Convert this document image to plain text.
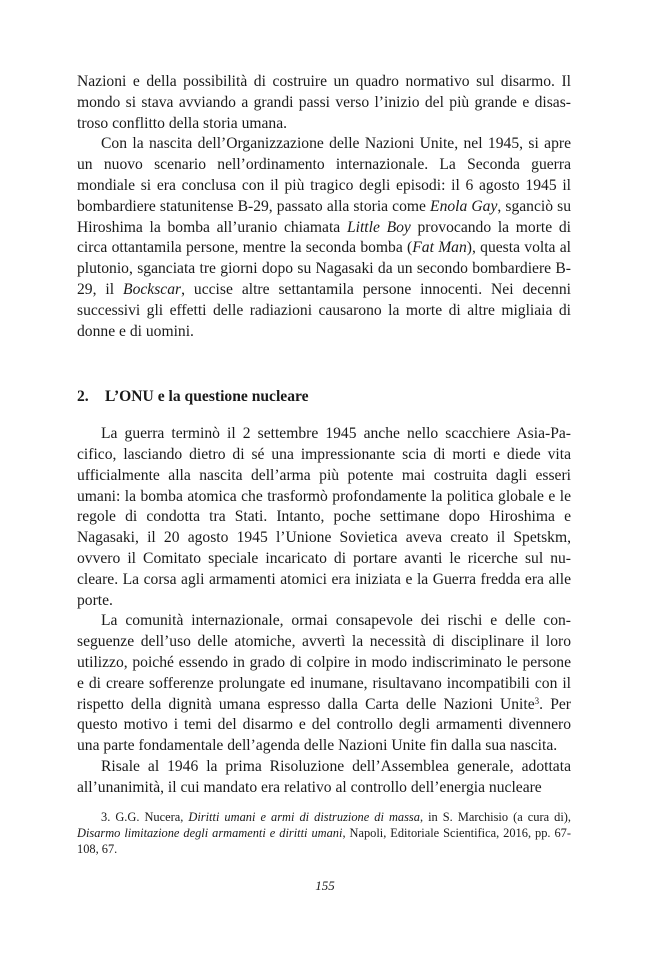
Nazioni e della possibilità di costruire un quadro normativo sul disarmo. Il mondo si stava avviando a grandi passi verso l’inizio del più grande e disastroso conflitto della storia umana.

Con la nascita dell’Organizzazione delle Nazioni Unite, nel 1945, si apre un nuovo scenario nell’ordinamento internazionale. La Seconda guerra mondiale si era conclusa con il più tragico degli episodi: il 6 agosto 1945 il bombardiere statunitense B-29, passato alla storia come Enola Gay, sganciò su Hiroshima la bomba all’uranio chiamata Little Boy provocando la morte di circa ottantamila persone, mentre la seconda bomba (Fat Man), questa volta al plutonio, sganciata tre giorni dopo su Nagasaki da un secondo bombardiere B-29, il Bockscar, uccise altre settantamila persone innocenti. Nei decenni successivi gli effetti delle radiazioni causarono la morte di altre migliaia di donne e di uomini.

2. L’ONU e la questione nucleare

La guerra terminò il 2 settembre 1945 anche nello scacchiere Asia-Pacifico, lasciando dietro di sé una impressionante scia di morti e diede vita ufficialmente alla nascita dell’arma più potente mai costruita dagli esseri umani: la bomba atomica che trasformò profondamente la politica globale e le regole di condotta tra Stati. Intanto, poche settimane dopo Hiroshima e Nagasaki, il 20 agosto 1945 l’Unione Sovietica aveva creato il Spetskm, ovvero il Comitato speciale incaricato di portare avanti le ricerche sul nucleare. La corsa agli armamenti atomici era iniziata e la Guerra fredda era alle porte.

La comunità internazionale, ormai consapevole dei rischi e delle conseguenze dell’uso delle atomiche, avvertì la necessità di disciplinare il loro utilizzo, poiché essendo in grado di colpire in modo indiscriminato le persone e di creare sofferenze prolungate ed inumane, risultavano incompatibili con il rispetto della dignità umana espresso dalla Carta delle Nazioni Unite$^3$. Per questo motivo i temi del disarmo e del controllo degli armamenti divennero una parte fondamentale dell’agenda delle Nazioni Unite fin dalla sua nascita.

Risale al 1946 la prima Risoluzione dell’Assemblea generale, adottata all’unanimità, il cui mandato era relativo al controllo dell’energia nucleare

3. G.G. Nucera, Diritti umani e armi di distruzione di massa, in S. Marchisio (a cura di), Disarmo limitazione degli armamenti e diritti umani, Napoli, Editoriale Scientifica, 2016, pp. 67-108, 67.

155
